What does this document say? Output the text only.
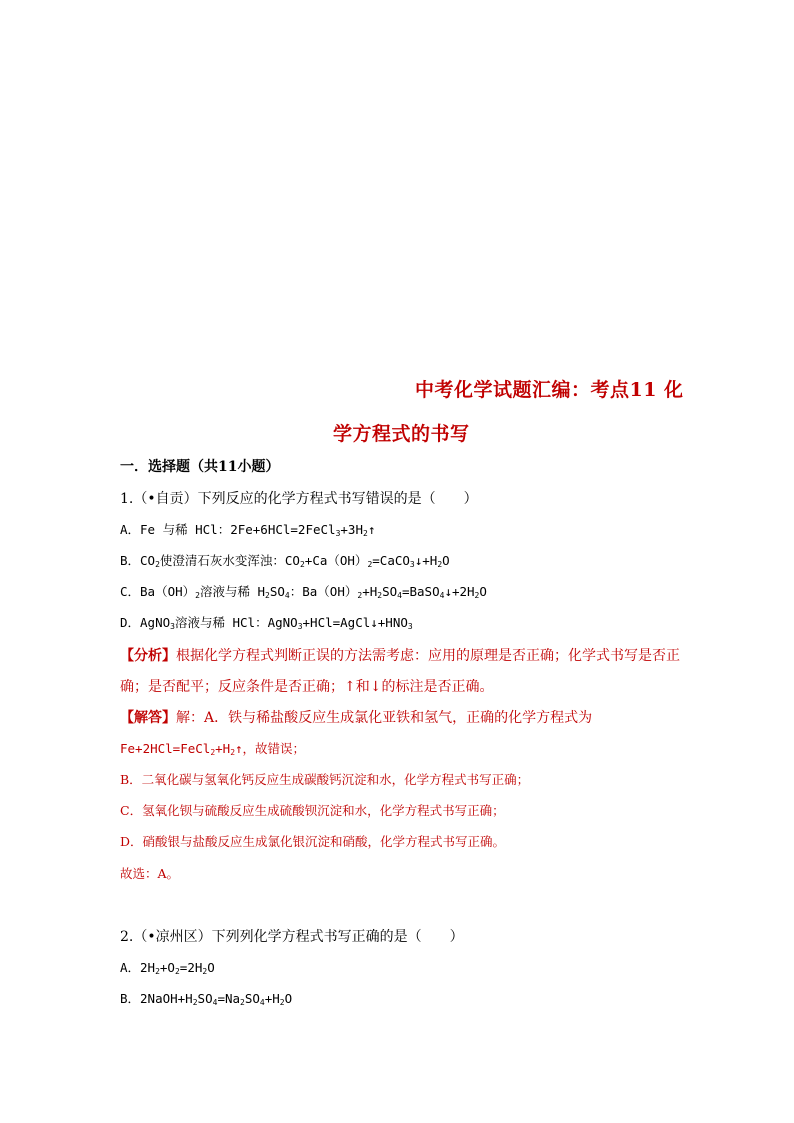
中考化学试题汇编：考点11 化
学方程式的书写
一．选择题（共11小题）
1.（•自贡）下列反应的化学方程式书写错误的是（　　）
A．Fe 与稀 HCl：$2Fe+6HCl=2FeCl_3+3H_2↑$
B．$CO_2$使澄清石灰水变浑浊：$CO_2+Ca(OH)_2=CaCO_3↓+H_2O$
C．$Ba(OH)_2$溶液与稀 $H_2SO_4$：$Ba(OH)_2+H_2SO_4=BaSO_4↓+2H_2O$
D．AgNO$_3$溶液与稀 HCl：$AgNO_3+HCl=AgCl↓+HNO_3$
【分析】根据化学方程式判断正误的方法需考虑：应用的原理是否正确；化学式书写是否正
确；是否配平；反应条件是否正确；↑和↓的标注是否正确。
【解答】解：A．铁与稀盐酸反应生成氯化亚铁和氢气，正确的化学方程式为
$Fe+2HCl=FeCl_2+H_2↑$，故错误；
B．二氧化碳与氢氧化钙反应生成碳酸钙沉淀和水，化学方程式书写正确；
C．氢氧化钡与硫酸反应生成硫酸钡沉淀和水，化学方程式书写正确；
D．硝酸银与盐酸反应生成氯化银沉淀和硝酸，化学方程式书写正确。
故选：A。
2.（•凉州区）下列列化学方程式书写正确的是（　　）
A．$2H_2+O_2=2H_2O$
B．$2NaOH+H_2SO_4=Na_2SO_4+H_2O$
